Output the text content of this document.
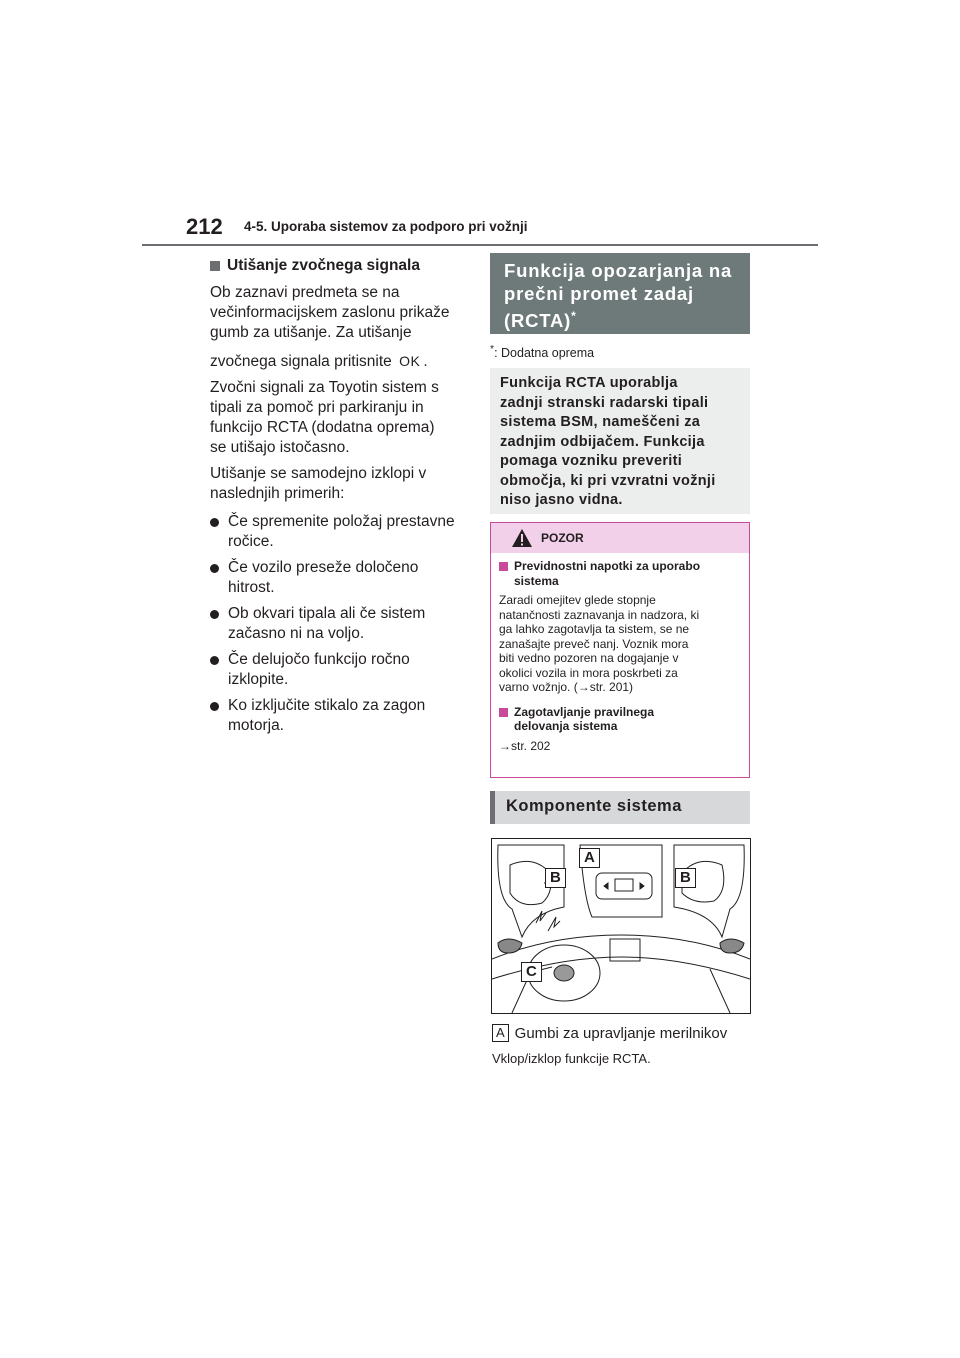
212 4-5. Uporaba sistemov za podporo pri vožnji
Utišanje zvočnega signala

Ob zaznavi predmeta se na

večinformacijskem zaslonu prikaže

gumb za utišanje. Za utišanje

zvočnega signala pritisnite OK .

Zvočni signali za Toyotin sistem s

tipali za pomoč pri parkiranju in

funkcijo RCTA (dodatna oprema)

se utišajo istočasno.

Utišanje se samodejno izklopi v

naslednjih primerih:

Če spremenite položaj prestavne
ročice.
Če vozilo preseže določeno
hitrost.
Ob okvari tipala ali če sistem
začasno ni na voljo.
Če delujočo funkcijo ročno
izklopite.
Ko izključite stikalo za zagon
motorja.
Funkcija opozarjanja na
prečni promet zadaj
(RCTA)*
*: Dodatna oprema
Funkcija RCTA uporablja
zadnji stranski radarski tipali
sistema BSM, nameščeni za
zadnjim odbijačem. Funkcija
pomaga vozniku preveriti
območja, ki pri vzvratni vožnji
niso jasno vidna.
POZOR
Previdnostni napotki za uporabo
sistema
Zaradi omejitev glede stopnje
natančnosti zaznavanja in nadzora, ki
ga lahko zagotavlja ta sistem, se ne
zanašajte preveč nanj. Voznik mora
biti vedno pozoren na dogajanje v
okolici vozila in mora poskrbeti za
varno vožnjo. (→str. 201)
Zagotavljanje pravilnega
delovanja sistema
→str. 202
Komponente sistema
A
B	B
C
A Gumbi za upravljanje merilnikov
Vklop/izklop funkcije RCTA.
